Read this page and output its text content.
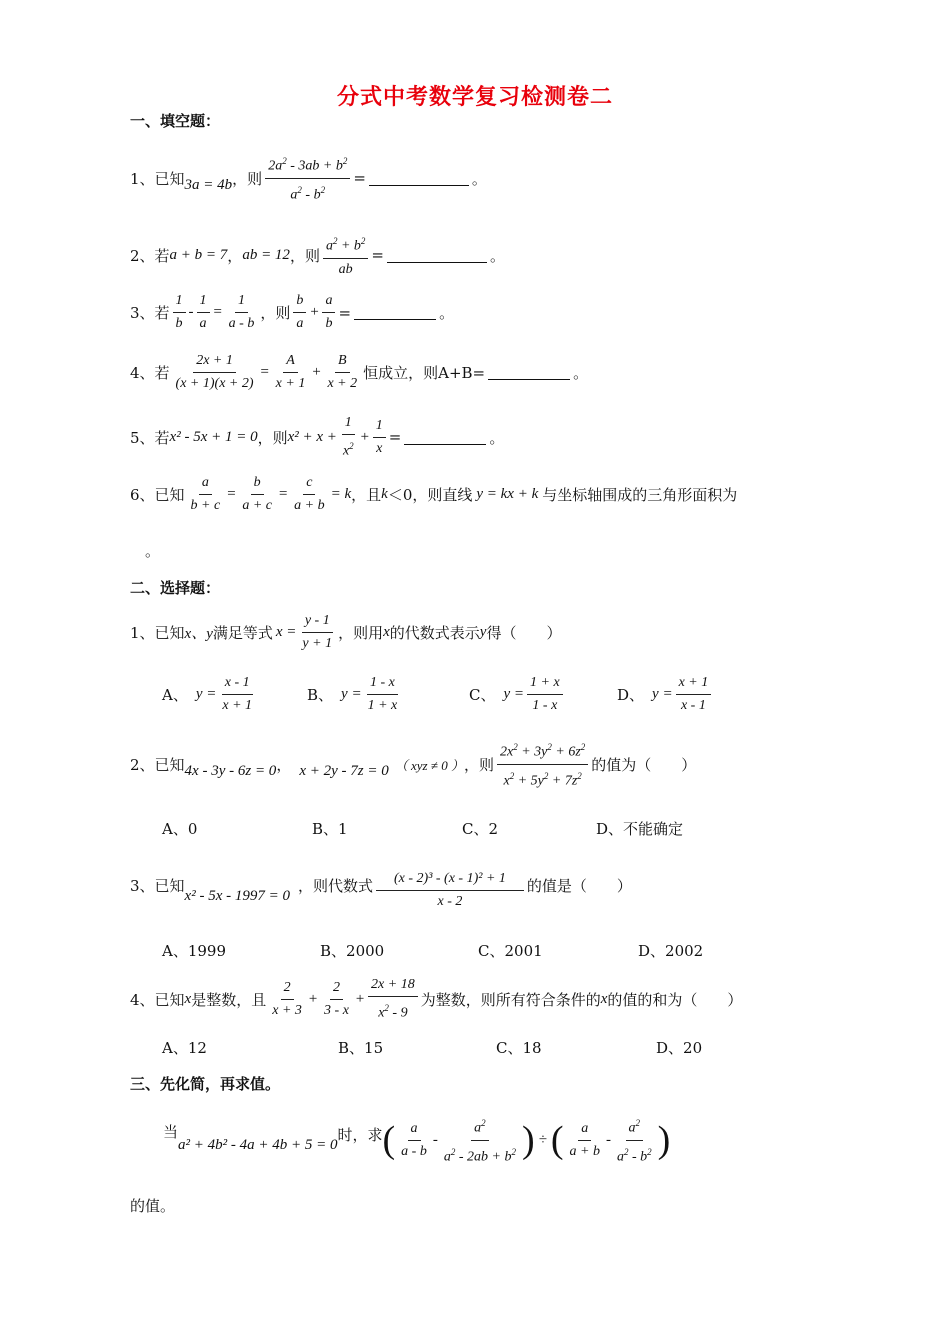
分式中考数学复习检测卷二
一、填空题：
1、已知 3a = 4b ，则 $\frac{2a^2 - 3ab + b^2}{a^2 - b^2}$ =	。
2、若 a + b = 7 ， ab = 12 ，则 $\frac{a^2 + b^2}{ab}$ =	。
3、若 $\frac{1}{b} - \frac{1}{a} = \frac{1}{a - b}$ ，则 $\frac{b}{a} + \frac{a}{b}$ =	。
4、若 $\frac{2x + 1}{(x + 1)(x + 2)} = \frac{A}{x + 1} + \frac{B}{x + 2}$ 恒成立，则A+B=	。
5、若 x² - 5x + 1 = 0 ，则 $x^2 + x + \frac{1}{x^2} + \frac{1}{x}$ =	。
6、已知 $\frac{a}{b + c} = \frac{b}{a + c} = \frac{c}{a + b} = k$ ，且 k ＜0，则直线 y = kx + k 与坐标轴围成的三角形面积为
。
二、选择题：
1、已知 x、y 满足等式 $x = \frac{y - 1}{y + 1}$ ，则用 x 的代数式表示 y 得（　　）
A、 $y = \frac{x - 1}{x + 1}$	B、 $y = \frac{1 - x}{1 + x}$	C、 $y = \frac{1 + x}{1 - x}$	D、 $y = \frac{x + 1}{x - 1}$
2、已知 4x - 3y - 6z = 0 ， x + 2y - 7z = 0 （ xyz ≠ 0 ） ，则 $\frac{2x^2 + 3y^2 + 6z^2}{x^2 + 5y^2 + 7z^2}$ 的值为（　　）
A、0	B、1	C、2	D、不能确定
3、已知
x² - 5x - 1997 = 0
，则代数式 $\frac{\text{(x - 2)³ - (x - 1)² + 1}}{x - 2}$ 的值是（　　）
A、1999	B、2000	C、2001	D、2002
4、已知 x 是整数，且 $\frac{2}{x + 3} + \frac{2}{3 - x} + \frac{2x + 18}{x^2 - 9}$ 为整数，则所有符合条件的 x 的值的和为（　　）
A、12	B、15	C、18	D、20
三、先化简，再求值。
当
a² + 4b² - 4a + 4b + 5 = 0
时，求 ( $\frac{a}{a - b} - \frac{a^2}{a^2 - 2ab + b^2}$ ) ÷ ( $\frac{a}{a + b} - \frac{a^2}{a^2 - b^2}$ )
的值。
